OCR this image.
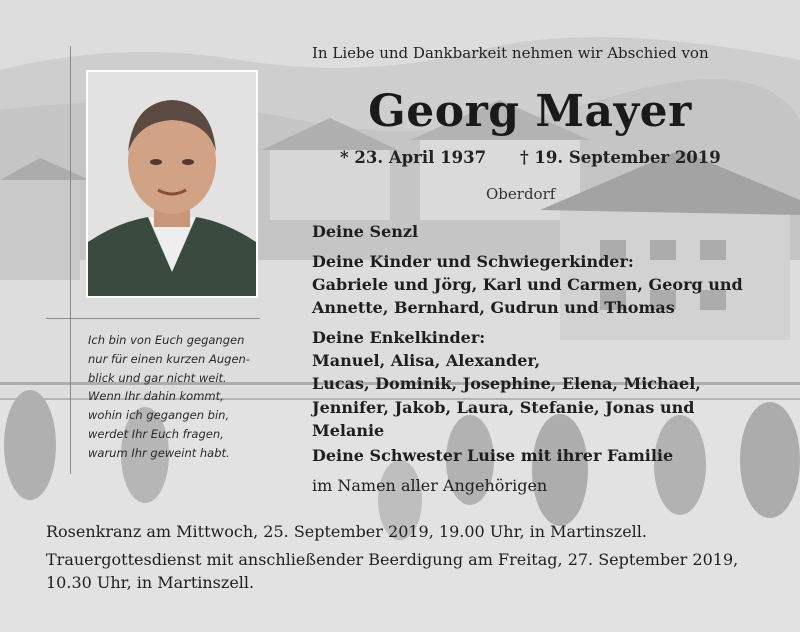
Ich bin von Euch gegangen
nur für einen kurzen Augen-
blick und gar nicht weit.
Wenn Ihr dahin kommt,
wohin ich gegangen bin,
werdet Ihr Euch fragen,
warum Ihr geweint habt.

In Liebe und Dankbarkeit nehmen wir Abschied von
Georg Mayer
* 23. April 1937 † 19. September 2019
Oberdorf
Deine Senzl
Deine Kinder und Schwiegerkinder:
Gabriele und Jörg, Karl und Carmen, Georg und
Annette, Bernhard, Gudrun und Thomas
Deine Enkelkinder:
Manuel, Alisa, Alexander,
Lucas, Dominik, Josephine, Elena, Michael,
Jennifer, Jakob, Laura, Stefanie, Jonas und
Melanie
Deine Schwester Luise mit ihrer Familie
im Namen aller Angehörigen
Rosenkranz am Mittwoch, 25. September 2019, 19.00 Uhr, in Martinszell.
Trauergottesdienst mit anschließender Beerdigung am Freitag, 27. September 2019,
10.30 Uhr, in Martinszell.
